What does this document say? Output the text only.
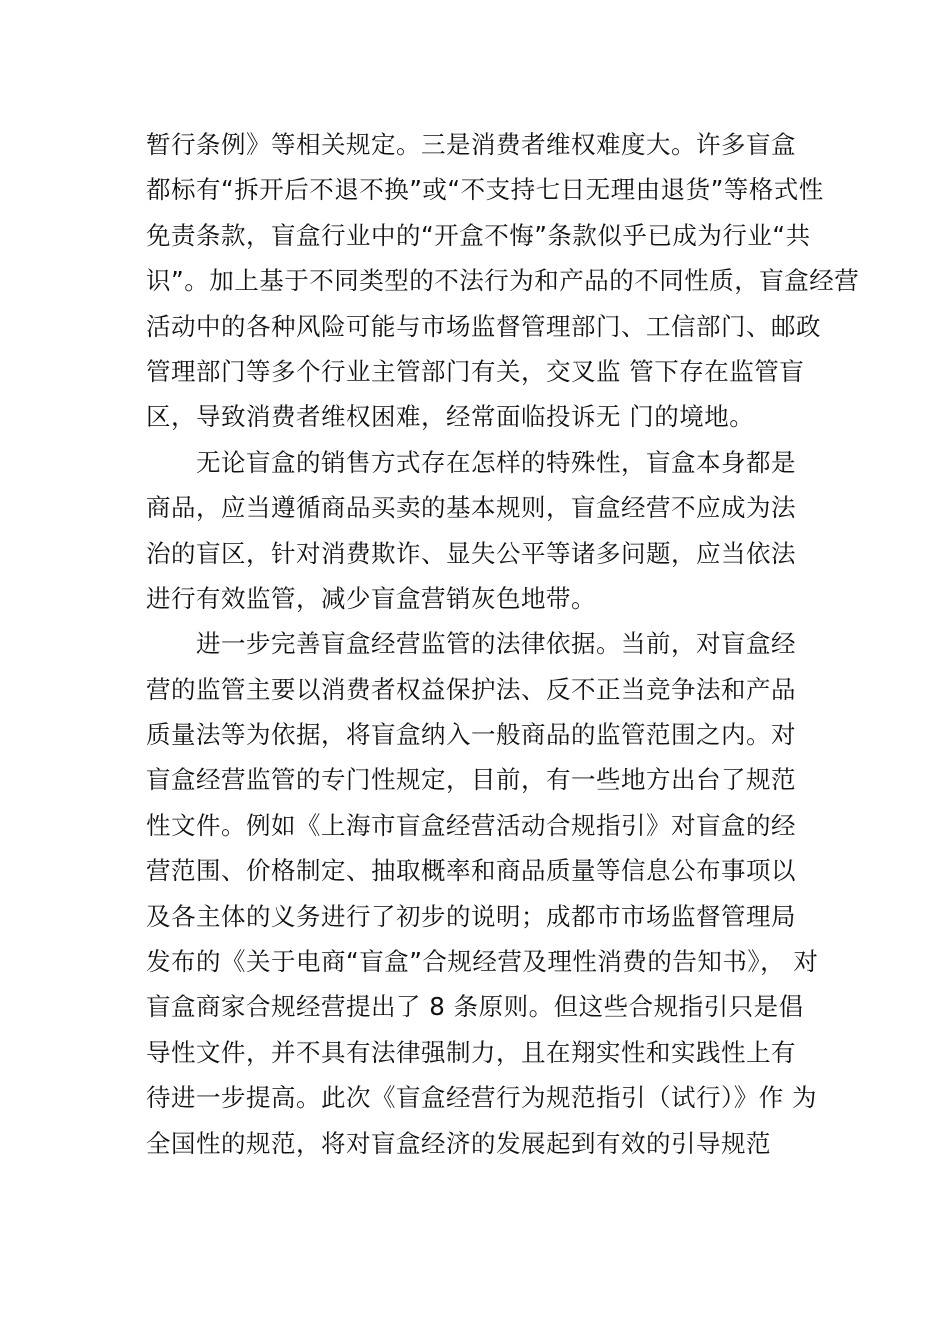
暂行条例》等相关规定。三是消费者维权难度大。许多盲盒
都标有“拆开后不退不换”或“不支持七日无理由退货”等格式性
免责条款，盲盒行业中的“开盒不悔”条款似乎已成为行业“共
识”。加上基于不同类型的不法行为和产品的不同性质，盲盒经营
活动中的各种风险可能与市场监督管理部门、工信部门、邮政
管理部门等多个行业主管部门有关，交叉监 管下存在监管盲
区，导致消费者维权困难，经常面临投诉无 门的境地。
无论盲盒的销售方式存在怎样的特殊性，盲盒本身都是
商品，应当遵循商品买卖的基本规则，盲盒经营不应成为法
治的盲区，针对消费欺诈、显失公平等诸多问题，应当依法
进行有效监管，减少盲盒营销灰色地带。
进一步完善盲盒经营监管的法律依据。当前，对盲盒经
营的监管主要以消费者权益保护法、反不正当竞争法和产品
质量法等为依据，将盲盒纳入一般商品的监管范围之内。对
盲盒经营监管的专门性规定，目前，有一些地方出台了规范
性文件。例如《上海市盲盒经营活动合规指引》对盲盒的经
营范围、价格制定、抽取概率和商品质量等信息公布事项以
及各主体的义务进行了初步的说明；成都市市场监督管理局
发布的《关于电商“盲盒”合规经营及理性消费的告知书》， 对
盲盒商家合规经营提出了 8 条原则。但这些合规指引只是倡
导性文件，并不具有法律强制力，且在翔实性和实践性上有
待进一步提高。此次《盲盒经营行为规范指引（试行）》作 为
全国性的规范，将对盲盒经济的发展起到有效的引导规范
